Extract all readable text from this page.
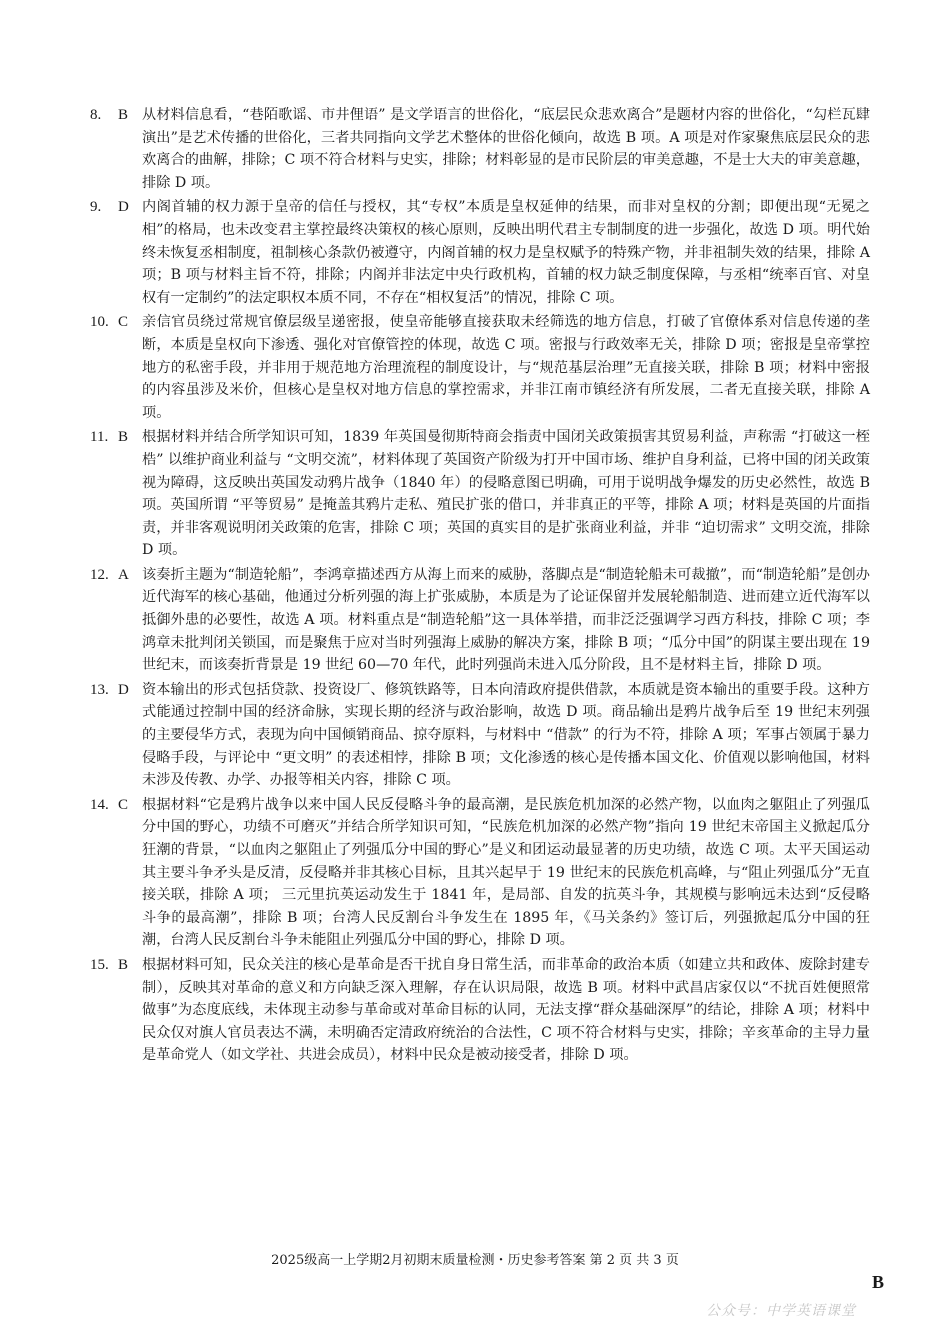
8.	B 从材料信息看，“巷陌歌谣、市井俚语” 是文学语言的世俗化，“底层民众悲欢离合”是题材内容的世俗化，“勾栏瓦肆演出”是艺术传播的世俗化，三者共同指向文学艺术整体的世俗化倾向，故选 B 项。A 项是对作家聚焦底层民众的悲欢离合的曲解，排除；C 项不符合材料与史实，排除；材料彰显的是市民阶层的审美意趣，不是士大夫的审美意趣，排除 D 项。
9.	D 内阁首辅的权力源于皇帝的信任与授权，其“专权”本质是皇权延伸的结果，而非对皇权的分割；即便出现“无冕之相”的格局，也未改变君主掌控最终决策权的核心原则，反映出明代君主专制制度的进一步强化，故选 D 项。明代始终未恢复丞相制度，祖制核心条款仍被遵守，内阁首辅的权力是皇权赋予的特殊产物，并非祖制失效的结果，排除 A 项；B 项与材料主旨不符，排除；内阁并非法定中央行政机构，首辅的权力缺乏制度保障，与丞相“统率百官、对皇权有一定制约”的法定职权本质不同，不存在“相权复活”的情况，排除 C 项。
10. C 亲信官员绕过常规官僚层级呈递密报，使皇帝能够直接获取未经筛选的地方信息，打破了官僚体系对信息传递的垄断，本质是皇权向下渗透、强化对官僚管控的体现，故选 C 项。密报与行政效率无关，排除 D 项；密报是皇帝掌控地方的私密手段，并非用于规范地方治理流程的制度设计，与“规范基层治理”无直接关联，排除 B 项；材料中密报的内容虽涉及米价，但核心是皇权对地方信息的掌控需求，并非江南市镇经济有所发展，二者无直接关联，排除 A 项。
11. B 根据材料并结合所学知识可知，1839 年英国曼彻斯特商会指责中国闭关政策损害其贸易利益，声称需 “打破这一桎梏” 以维护商业利益与 “文明交流”，材料体现了英国资产阶级为打开中国市场、维护自身利益，已将中国的闭关政策视为障碍，这反映出英国发动鸦片战争（1840 年）的侵略意图已明确，可用于说明战争爆发的历史必然性，故选 B 项。英国所谓 “平等贸易” 是掩盖其鸦片走私、殖民扩张的借口，并非真正的平等，排除 A 项；材料是英国的片面指责，并非客观说明闭关政策的危害，排除 C 项；英国的真实目的是扩张商业利益，并非 “迫切需求” 文明交流，排除 D 项。
12. A 该奏折主题为“制造轮船”，李鸿章描述西方从海上而来的威胁，落脚点是“制造轮船未可裁撤”，而“制造轮船”是创办近代海军的核心基础，他通过分析列强的海上扩张威胁，本质是为了论证保留并发展轮船制造、进而建立近代海军以抵御外患的必要性，故选 A 项。材料重点是“制造轮船”这一具体举措，而非泛泛强调学习西方科技，排除 C 项；李鸿章未批判闭关锁国，而是聚焦于应对当时列强海上威胁的解决方案，排除 B 项；“瓜分中国”的阴谋主要出现在 19 世纪末，而该奏折背景是 19 世纪 60—70 年代，此时列强尚未进入瓜分阶段，且不是材料主旨，排除 D 项。
13. D 资本输出的形式包括贷款、投资设厂、修筑铁路等，日本向清政府提供借款，本质就是资本输出的重要手段。这种方式能通过控制中国的经济命脉，实现长期的经济与政治影响，故选 D 项。商品输出是鸦片战争后至 19 世纪末列强的主要侵华方式，表现为向中国倾销商品、掠夺原料，与材料中 “借款” 的行为不符，排除 A 项；军事占领属于暴力侵略手段，与评论中 “更文明” 的表述相悖，排除 B 项；文化渗透的核心是传播本国文化、价值观以影响他国，材料未涉及传教、办学、办报等相关内容，排除 C 项。
14. C 根据材料“它是鸦片战争以来中国人民反侵略斗争的最高潮，是民族危机加深的必然产物，以血肉之躯阻止了列强瓜分中国的野心，功绩不可磨灭”并结合所学知识可知，“民族危机加深的必然产物”指向 19 世纪末帝国主义掀起瓜分狂潮的背景，“以血肉之躯阻止了列强瓜分中国的野心”是义和团运动最显著的历史功绩，故选 C 项。太平天国运动其主要斗争矛头是反清，反侵略并非其核心目标，且其兴起早于 19 世纪末的民族危机高峰，与“阻止列强瓜分”无直接关联，排除 A 项； 三元里抗英运动发生于 1841 年，是局部、自发的抗英斗争，其规模与影响远未达到“反侵略斗争的最高潮”，排除 B 项；台湾人民反割台斗争发生在 1895 年，《马关条约》签订后，列强掀起瓜分中国的狂潮，台湾人民反割台斗争未能阻止列强瓜分中国的野心，排除 D 项。
15. B 根据材料可知，民众关注的核心是革命是否干扰自身日常生活，而非革命的政治本质（如建立共和政体、废除封建专制），反映其对革命的意义和方向缺乏深入理解，存在认识局限，故选 B 项。材料中武昌店家仅以“不扰百姓便照常做事”为态度底线，未体现主动参与革命或对革命目标的认同，无法支撑“群众基础深厚”的结论，排除 A 项；材料中民众仅对旗人官员表达不满，未明确否定清政府统治的合法性，C 项不符合材料与史实，排除；辛亥革命的主导力量是革命党人（如文学社、共进会成员），材料中民众是被动接受者，排除 D 项。
2025级高一上学期2月初期末质量检测・历史参考答案 第 2 页 共 3 页
B
公众号：中学英语课堂
